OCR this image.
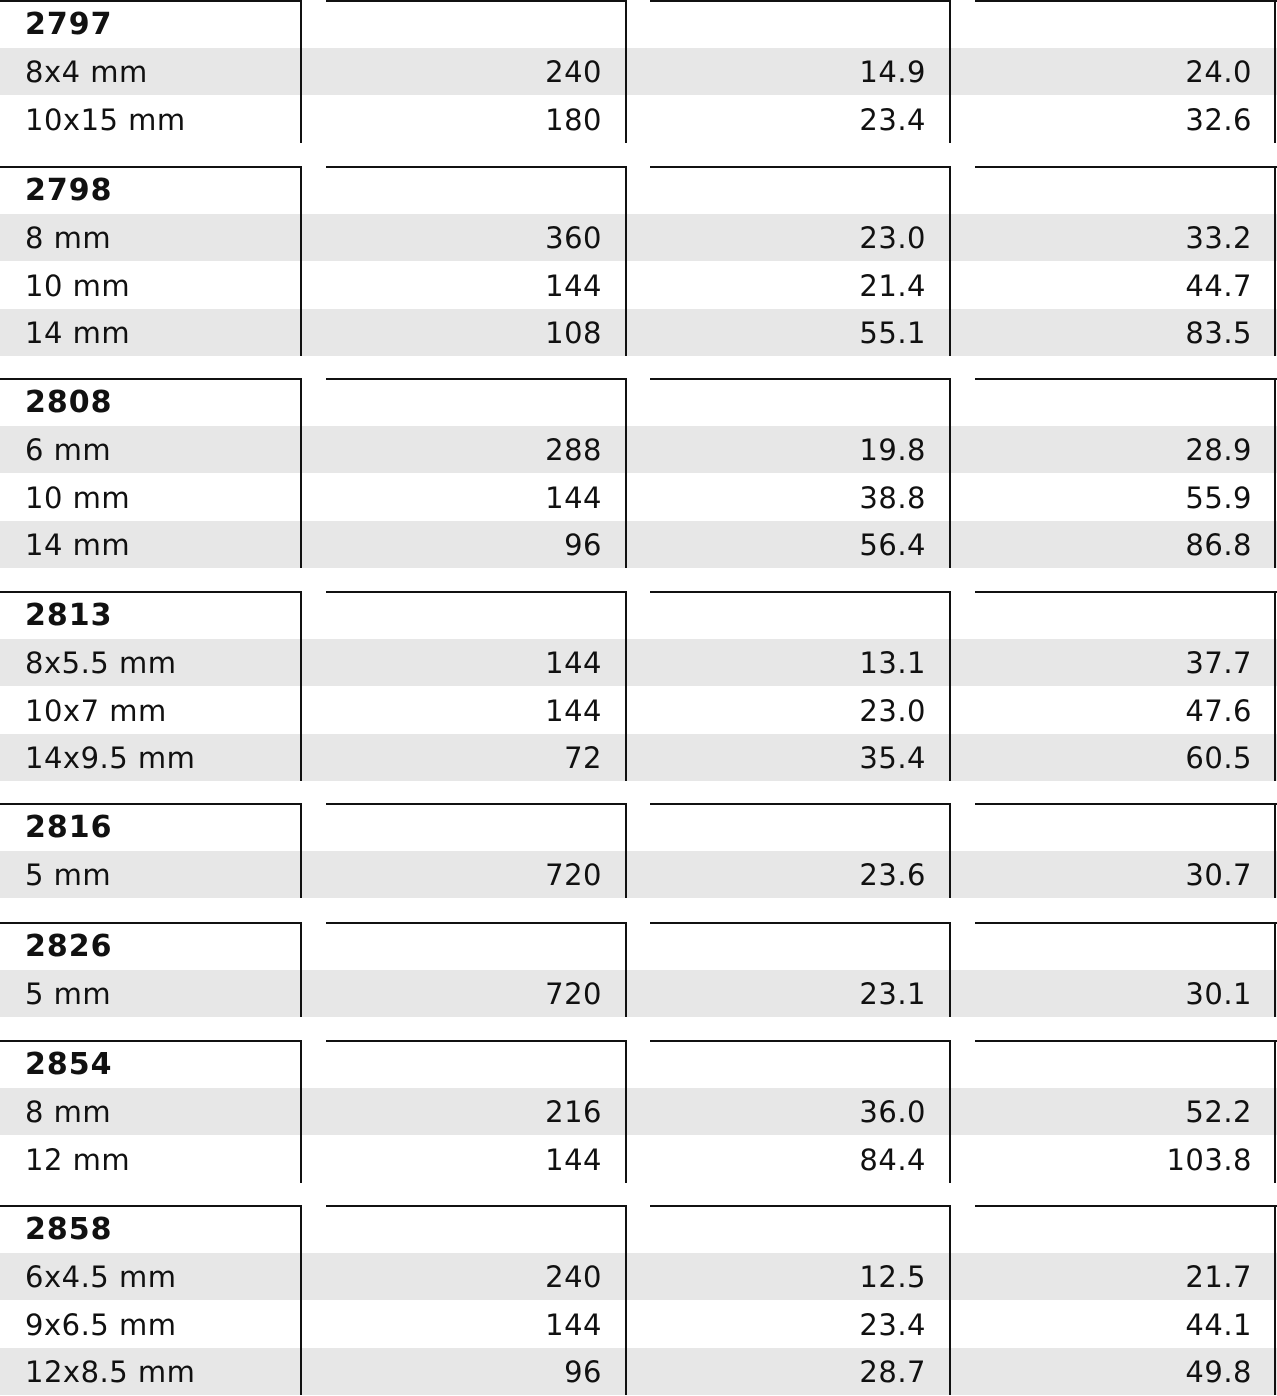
2797
8x4 mm	240	14.9	24.0
10x15 mm	180	23.4	32.6
2798
8 mm	360	23.0	33.2
10 mm	144	21.4	44.7
14 mm	108	55.1	83.5
2808
6 mm	288	19.8	28.9
10 mm	144	38.8	55.9
14 mm	96	56.4	86.8
2813
8x5.5 mm	144	13.1	37.7
10x7 mm	144	23.0	47.6
14x9.5 mm	72	35.4	60.5
2816
5 mm	720	23.6	30.7
2826
5 mm	720	23.1	30.1
2854
8 mm	216	36.0	52.2
12 mm	144	84.4	103.8
2858
6x4.5 mm	240	12.5	21.7
9x6.5 mm	144	23.4	44.1
12x8.5 mm	96	28.7	49.8
